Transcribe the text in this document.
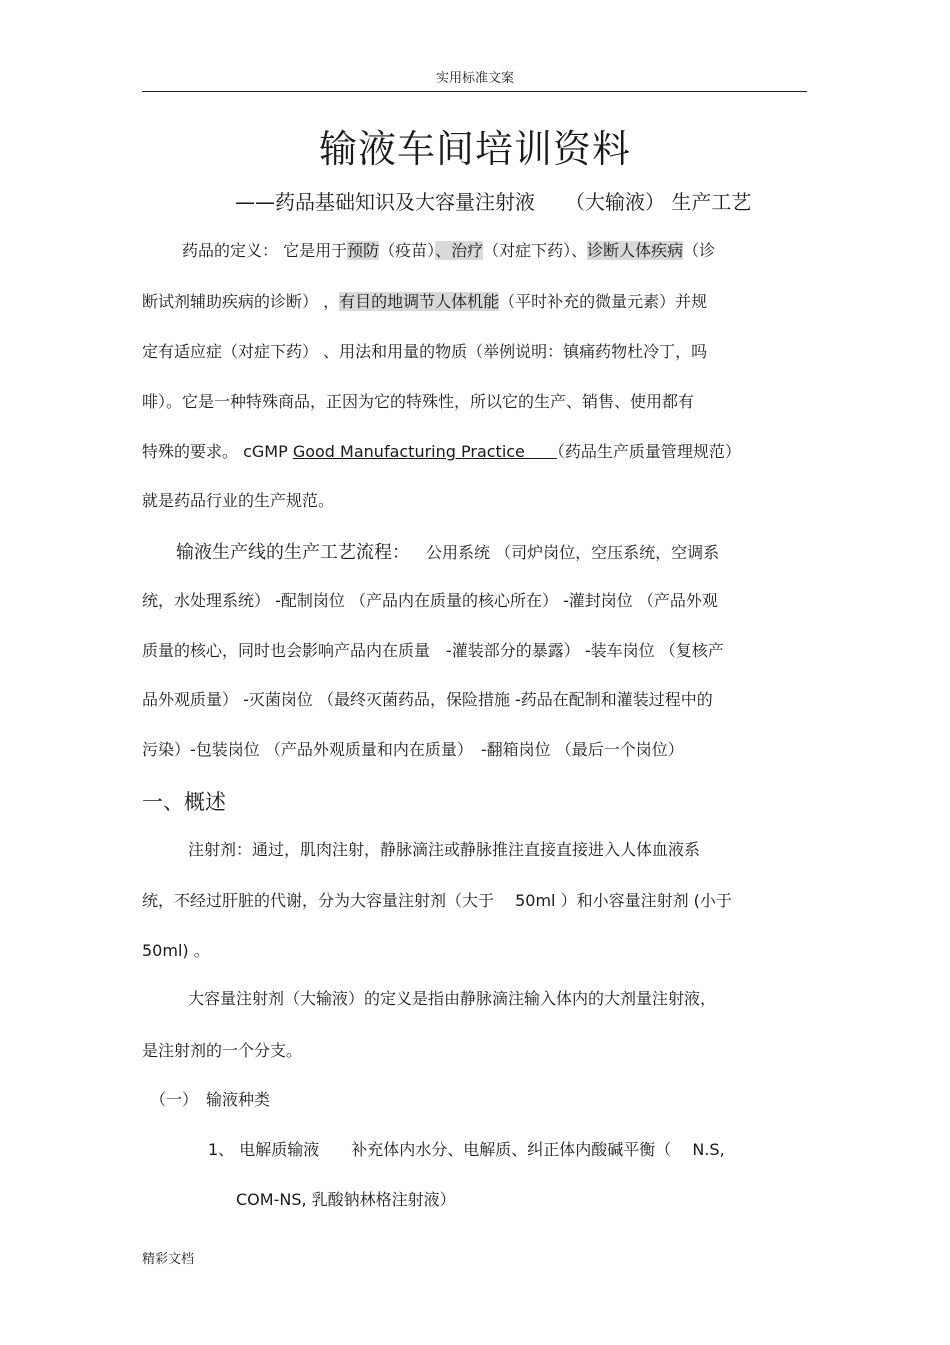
实用标准文案
输液车间培训资料
——药品基础知识及大容量注射液　　（大输液） 生产工艺
药品的定义： 它是用于预防（疫苗）、治疗（对症下药）、诊断人体疾病（诊
断试剂辅助疾病的诊断） ，有目的地调节人体机能（平时补充的微量元素）并规
定有适应症（对症下药） 、用法和用量的物质（举例说明：镇痛药物杜冷丁，吗
啡）。它是一种特殊商品，正因为它的特殊性，所以它的生产、销售、使用都有
特殊的要求。 cGMP Good Manufacturing Practice　　（药品生产质量管理规范）
就是药品行业的生产规范。
输液生产线的生产工艺流程： 公用系统 （司炉岗位，空压系统，空调系
统，水处理系统） -配制岗位 （产品内在质量的核心所在） -灌封岗位 （产品外观
质量的核心，同时也会影响产品内在质量　-灌装部分的暴露） -装车岗位 （复核产
品外观质量） -灭菌岗位 （最终灭菌药品，保险措施 -药品在配制和灌装过程中的
污染）-包装岗位 （产品外观质量和内在质量）　-翻箱岗位 （最后一个岗位）
一、概述
注射剂：通过，肌肉注射，静脉滴注或静脉推注直接直接进入人体血液系
统，不经过肝脏的代谢，分为大容量注射剂（大于　 50ml ）和小容量注射剂 (小于
50ml) 。
大容量注射剂（大输液）的定义是指由静脉滴注输入体内的大剂量注射液，
是注射剂的一个分支。
（一）　输液种类
1、 电解质输液　　补充体内水分、电解质、纠正体内酸碱平衡（　 N.S,
COM-NS, 乳酸钠林格注射液）
精彩文档
